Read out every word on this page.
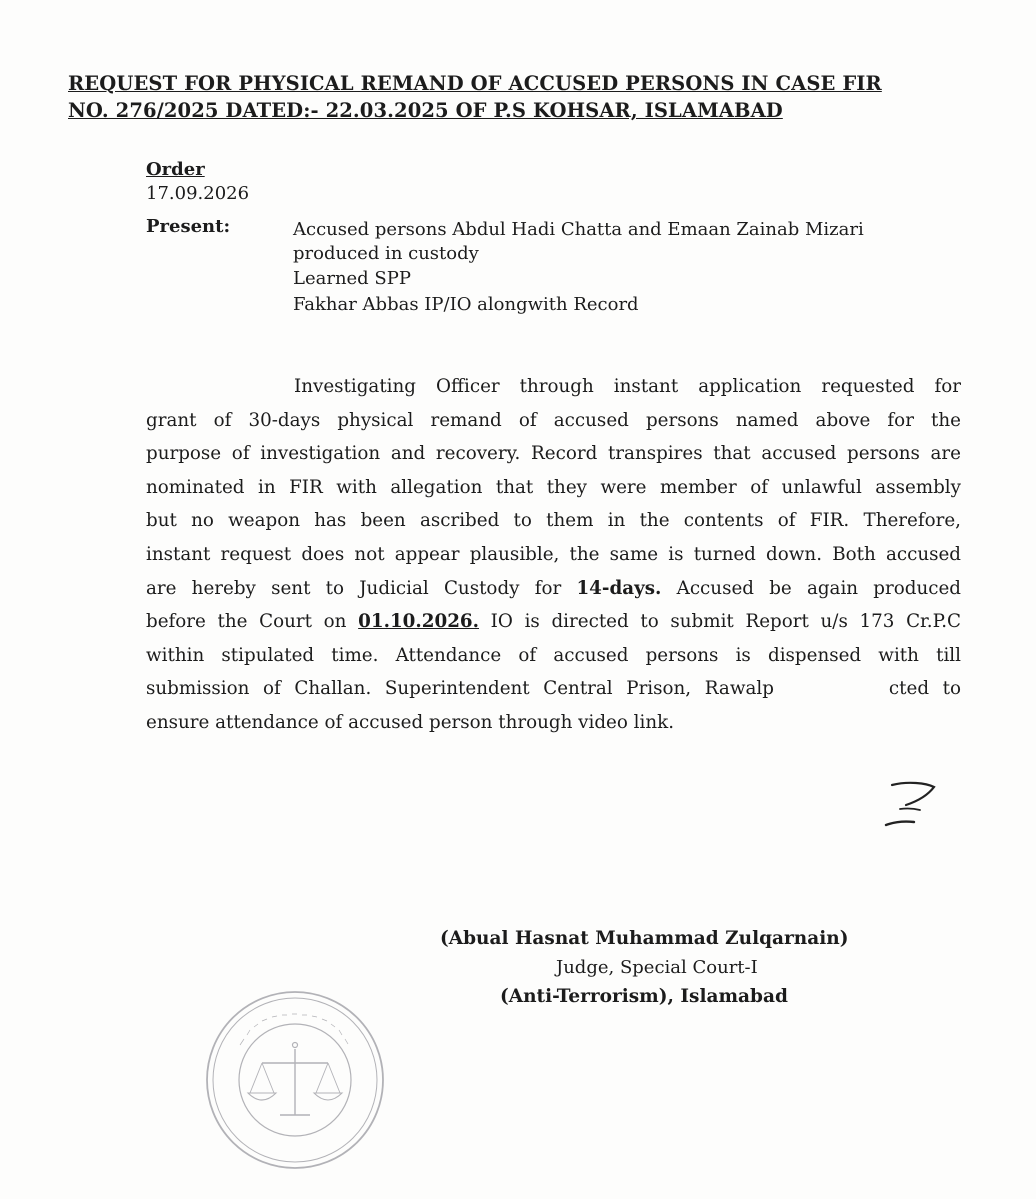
REQUEST FOR PHYSICAL REMAND OF ACCUSED PERSONS IN CASE FIR
NO. 276/2025 DATED:- 22.03.2025 OF P.S KOHSAR, ISLAMABAD
Order
17.09.2026
Present:	Accused persons Abdul Hadi Chatta and Emaan Zainab Mizari
produced in custody
Learned SPP
Fakhar Abbas IP/IO alongwith Record
Investigating Officer through instant application requested for
grant of 30-days physical remand of accused persons named above for the
purpose of investigation and recovery. Record transpires that accused persons are
nominated in FIR with allegation that they were member of unlawful assembly
but no weapon has been ascribed to them in the contents of FIR. Therefore,
instant request does not appear plausible, the same is turned down. Both accused
are hereby sent to Judicial Custody for 14-days. Accused be again produced
before the Court on 01.10.2026. IO is directed to submit Report u/s 173 Cr.P.C
within stipulated time. Attendance of accused persons is dispensed with till
submission of Challan. Superintendent Central Prison, Rawalp	cted to
ensure attendance of accused person through video link.
(Abual Hasnat Muhammad Zulqarnain)
Judge, Special Court-I
(Anti-Terrorism), Islamabad
